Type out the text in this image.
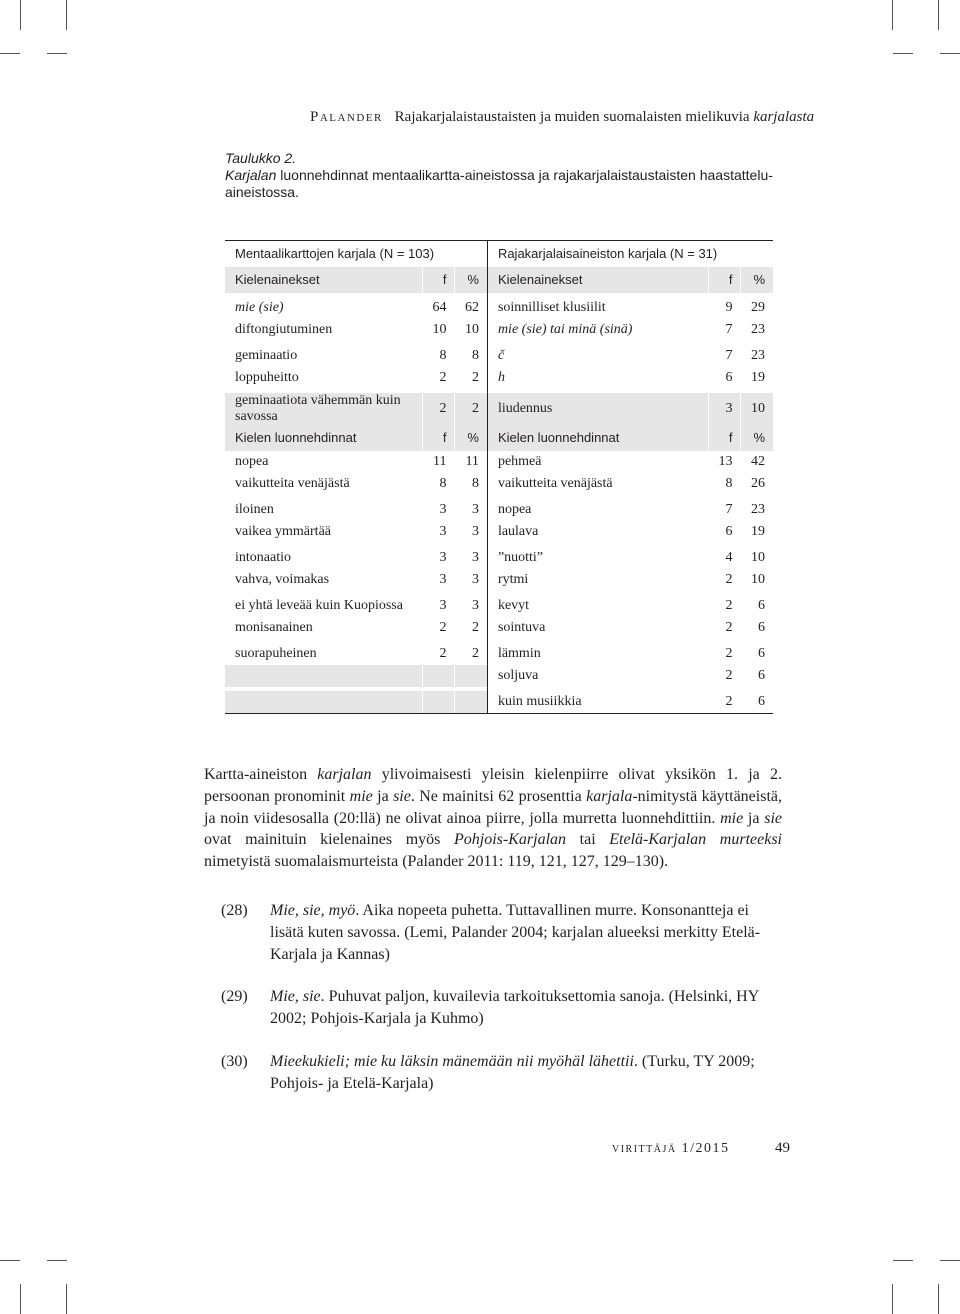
Palander Rajakarjalaistaustaisten ja muiden suomalaisten mielikuvia karjalasta
Taulukko 2.
Karjalan luonnehdinnat mentaalikartta-aineistossa ja rajakarjalaistaustaisten haastattelu-aineistossa.
Mentaalikarttojen karjala (N = 103)			Rajakarjalaisaineiston karjala (N = 31)		
Kielenainekset	f	%	Kielenainekset	f	%

mie (sie)	64	62	soinnilliset klusiilit	9	29
diftongiutuminen	10	10	mie (sie) tai minä (sinä)	7	23

geminaatio	8	8	č	7	23
loppuheitto	2	2	h	6	19

geminaatiota vähemmän kuin savossa	2	2	liudennus	3	10
Kielen luonnehdinnat	f	%	Kielen luonnehdinnat	f	%
nopea	11	11	pehmeä	13	42
vaikutteita venäjästä	8	8	vaikutteita venäjästä	8	26

iloinen	3	3	nopea	7	23
vaikea ymmärtää	3	3	laulava	6	19

intonaatio	3	3	”nuotti”	4	10
vahva, voimakas	3	3	rytmi	2	10

ei yhtä leveää kuin Kuopiossa	3	3	kevyt	2	6
monisanainen	2	2	sointuva	2	6

suorapuheinen	2	2	lämmin	2	6
			soljuva	2	6

			kuin musiikkia	2	6

Kartta-aineiston karjalan ylivoimaisesti yleisin kielenpiirre olivat yksikön 1. ja 2. persoonan pronominit mie ja sie. Ne mainitsi 62 prosenttia karjala-nimitystä käyttäneistä, ja noin viidesosalla (20:llä) ne olivat ainoa piirre, jolla murretta luonnehdittiin. mie ja sie ovat mainituin kielenaines myös Pohjois-Karjalan tai Etelä-Karjalan murteeksi nimetyistä suomalaismurteista (Palander 2011: 119, 121, 127, 129–130).

(28) Mie, sie, myö. Aika nopeeta puhetta. Tuttavallinen murre. Konsonantteja ei lisätä kuten savossa. (Lemi, Palander 2004; karjalan alueeksi merkitty Etelä-Karjala ja Kannas)
(29) Mie, sie. Puhuvat paljon, kuvailevia tarkoituksettomia sanoja. (Helsinki, HY 2002; Pohjois-Karjala ja Kuhmo)
(30) Mieekukieli; mie ku läksin mänemään nii myöhäl lähettii. (Turku, TY 2009; Pohjois- ja Etelä-Karjala)
virittäjä 1/2015	49
